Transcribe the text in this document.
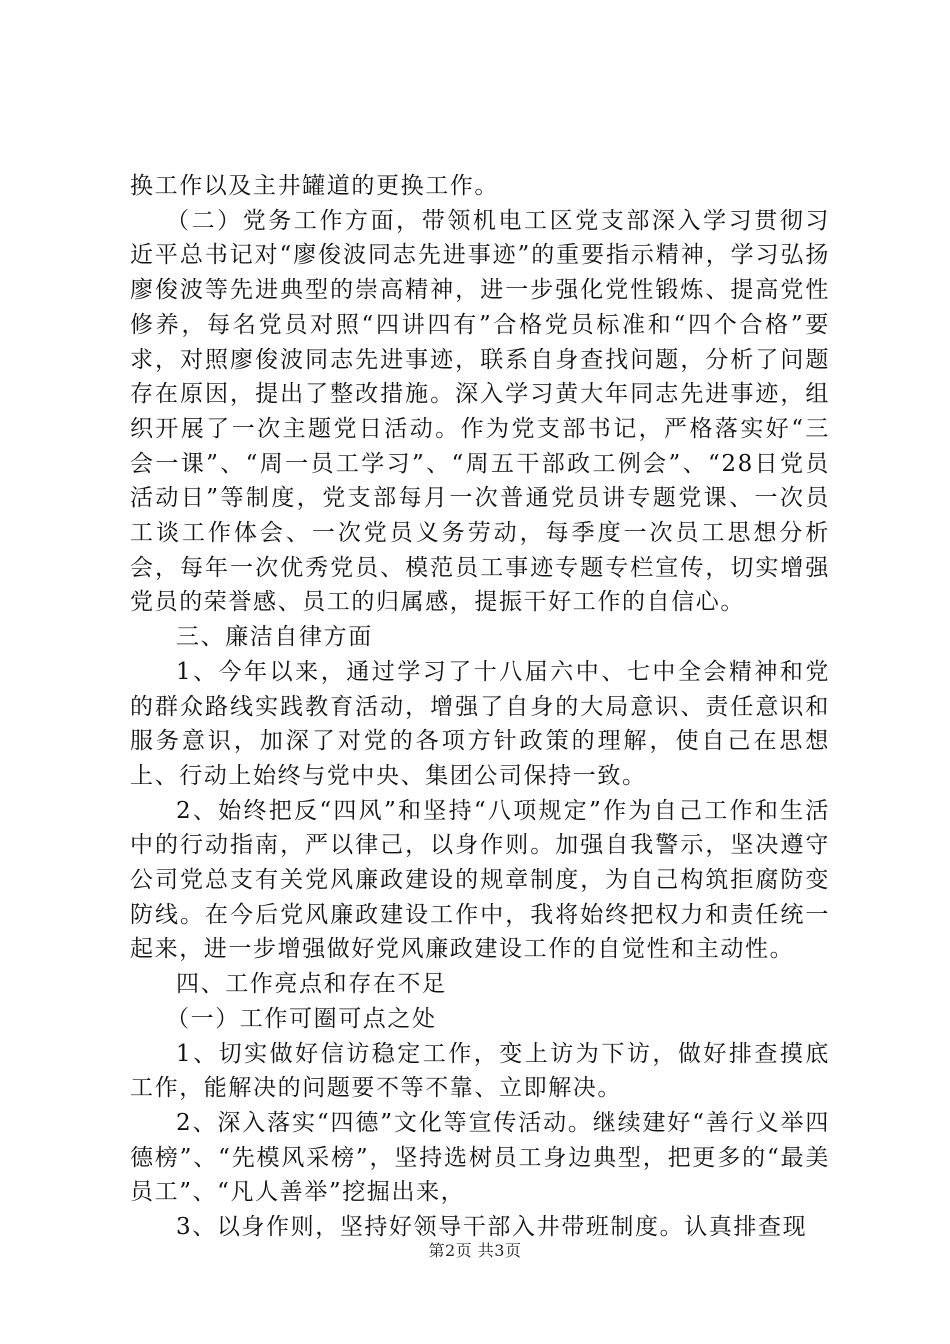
换工作以及主井罐道的更换工作。

（二）党务工作方面，带领机电工区党支部深入学习贯彻习近平总书记对“廖俊波同志先进事迹”的重要指示精神，学习弘扬廖俊波等先进典型的崇高精神，进一步强化党性锻炼、提高党性修养，每名党员对照“四讲四有”合格党员标准和“四个合格”要求，对照廖俊波同志先进事迹，联系自身查找问题，分析了问题存在原因，提出了整改措施。深入学习黄大年同志先进事迹，组织开展了一次主题党日活动。作为党支部书记，严格落实好“三会一课”、“周一员工学习”、“周五干部政工例会”、“28日党员活动日”等制度，党支部每月一次普通党员讲专题党课、一次员工谈工作体会、一次党员义务劳动，每季度一次员工思想分析会，每年一次优秀党员、模范员工事迹专题专栏宣传，切实增强党员的荣誉感、员工的归属感，提振干好工作的自信心。

三、廉洁自律方面

1、今年以来，通过学习了十八届六中、七中全会精神和党的群众路线实践教育活动，增强了自身的大局意识、责任意识和服务意识，加深了对党的各项方针政策的理解，使自己在思想上、行动上始终与党中央、集团公司保持一致。

2、始终把反“四风”和坚持“八项规定”作为自己工作和生活中的行动指南，严以律己，以身作则。加强自我警示，坚决遵守公司党总支有关党风廉政建设的规章制度，为自己构筑拒腐防变防线。在今后党风廉政建设工作中，我将始终把权力和责任统一起来，进一步增强做好党风廉政建设工作的自觉性和主动性。

四、工作亮点和存在不足

（一）工作可圈可点之处

1、切实做好信访稳定工作，变上访为下访，做好排查摸底工作，能解决的问题要不等不靠、立即解决。

2、深入落实“四德”文化等宣传活动。继续建好“善行义举四德榜”、“先模风采榜”，坚持选树员工身边典型，把更多的“最美员工”、“凡人善举”挖掘出来，

3、以身作则，坚持好领导干部入井带班制度。认真排查现

第2页 共3页
